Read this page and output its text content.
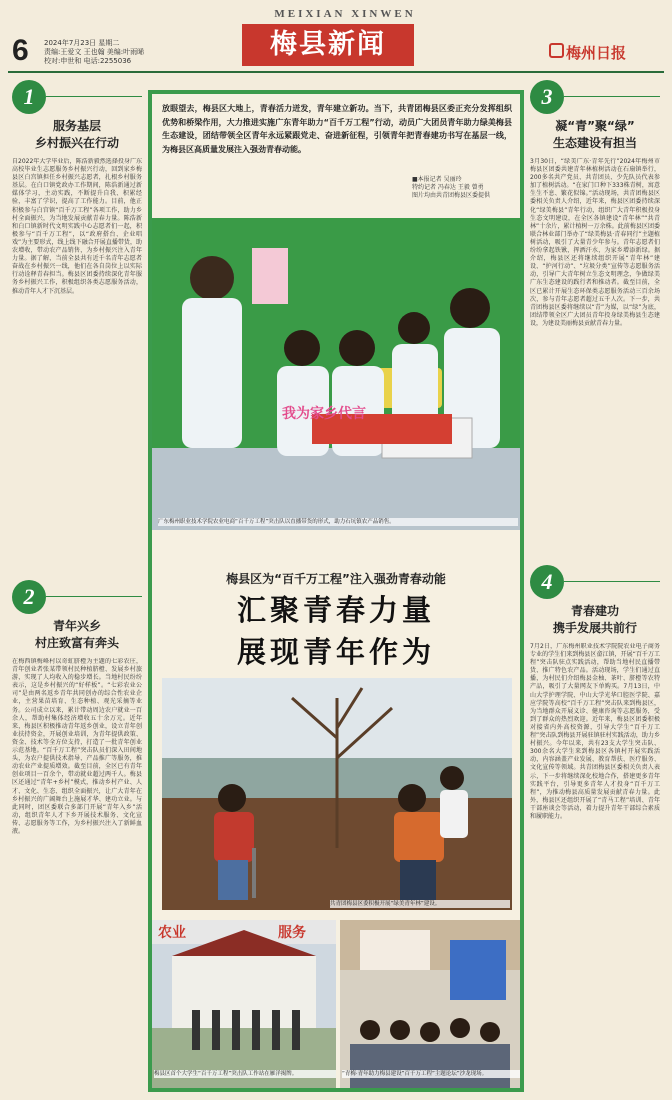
MEIXIAN XINWEN
6 2024年7月23日 星期二
责编:王爱文 王也翰 美编:叶雨晞
校对:申世和 电话:2255036
梅县新闻	梅州日报
1
服务基层
乡村振兴在行动
自2022年大学毕业后，陈浩新毅然选择投身广东高校毕业生志愿服务乡村振兴行动，回到家乡梅县区白宫镇担任乡村振兴志愿者，扎根乡村服务基层。在白口镇党政办工作期间，陈浩新通过新媒体学习，主动实践，不断提升自我、积累经验，丰富了学识，提高了工作能力。目前，他正积极参与白宫镇“百千万工程”各项工作，助力乡村全面振兴，为当地发展贡献青春力量。陈浩新和白口镇新时代文明实践中心志愿者们一起，积极参与“百千万工程”，以“政府搭台、企业唱戏”为主要形式，线上线下融合开展直播带货，助农增收，带动农产品销售，为乡村振兴注入青年力量。据了解，当前全县共有近千名青年志愿者奋战在乡村振兴一线，他们在各自岗位上以实际行动诠释青春担当。梅县区团委持续深化青年服务乡村振兴工作，积极组织各类志愿服务活动，推动青年人才下沉基层。
2
青年兴乡
村庄致富有奔头
在梅西镇梅峰村以奇虹脐橙为主题的七彩农庄，青年创业者张某带领村民种植脐橙、发展乡村旅游，实现了人均收入的稳步增长。当地村民纷纷表示，这是乡村振兴的“好样板”。“七彩农业公司”是由两名返乡青年共同创办的综合性农业企业，主营果苗培育、生态种植、观光采摘等业务。公司成立以来，累计带动周边农户就业一百余人，帮助村集体经济增收五十余万元。近年来，梅县区积极推动青年返乡创业，设立青年创业扶持资金，开展创业培训，为青年提供政策、资金、技术等全方位支持，打造了一批青年创业示范基地。“百千万工程”突击队员们深入田间地头，为农户提供技术指导、产品推广等服务，推动农业产业提质增效。截至目前，全区已有青年创业项目一百余个，带动就业超过两千人。梅县区还通过“青年+乡村”模式，推动乡村产业、人才、文化、生态、组织全面振兴，让广大青年在乡村振兴的广阔舞台上施展才华、建功立业。与此同时，团区委联合多部门开展“青年入乡”活动，组织青年人才下乡开展技术服务、文化宣传、志愿服务等工作，为乡村振兴注入了新鲜血液。
放眼望去，梅县区大地上，青春活力迸发，青年建立新功。当下，共青团梅县区委正充分发挥组织优势和桥梁作用，大力推进实施广东青年助力“百千万工程”行动，动员广大团员青年助力绿美梅县生态建设，团结带领全区青年永远紧跟党走、奋进新征程，引领青年把青春建功书写在基层一线，为梅县区高质量发展注入强劲青春动能。
■本报记者 吴丽玲
特约记者 冯春达 王毅 曾勇
图片均由共青团梅县区委提供
我为家乡代言
广东梅州职业技术学院农业电商“百千万工程”突击队以直播带货的形式，助力石坑镇农产品销售。
梅县区为“百千万工程”注入强劲青春动能
汇聚青春力量
展现青年作为
共青团梅县区委积极开展“绿美青年林”建设。
农业	服务
梅县区首个大学生“百千万工程”突击队工作站在雁洋揭牌。	“青梅·青年助力梅县建设”百千万工程”主题论坛”沙龙现场。
3
凝“青”聚“绿”
生态建设有担当
3月30日，“绿美广东·青年先行”2024年梅州市梅县区团委共建青年林植树活动在石扇镇举行，200多名共产党员、共青团员、少先队员代表参加了植树活动。“在家门口种下333株青树，寓意生生不息、繁花似锦。”活动现场，共青团梅县区委相关负责人介绍，近年来，梅县区团委持续深化“绿美梅县”青年行动，组织广大青年积极投身生态文明建设，在全区各镇建设“青年林”“共青林”十余片，累计植树一万余株。此前梅县区团委联合林业部门举办了“绿美梅县·青春同行”主题植树活动，吸引了大量青少年参与。青年志愿者们纷纷拿起铁锹，挥洒汗水，为家乡增添新绿。据介绍，梅县区还将继续组织开展“青年林”建设、“护河行动”、“垃圾分类”宣传等志愿服务活动，引导广大青年树立生态文明理念，争做绿美广东生态建设的践行者和推动者。截至目前，全区已累计开展生态环保类志愿服务活动三百余场次，参与青年志愿者超过五千人次。下一步，共青团梅县区委将继续以“青”为媒，以“绿”为底，团结带领全区广大团员青年投身绿美梅县生态建设，为建设美丽梅县贡献青春力量。
4
青春建功
携手发展共前行
7月2日，广东梅州职业技术学院院农业电子商务专业的学生们来到梅县区畲江镇，开展“百千万工程”突击队驻点实践活动，帮助当地村民直播带货、推广特色农产品。活动现场，学生们通过直播，为村民们介绍梅县金柚、茶叶、脐橙等农特产品，吸引了大量网友下单购买。7月13日，中山大学护理学院、中山大学光华口腔医学院、嘉应学院等高校“百千万工程”突击队来到梅县区，为当地群众开展义诊、健康咨询等志愿服务，受到了群众的热烈欢迎。近年来，梅县区团委积极对接省内外高校资源，引导大学生“百千万工程”突击队到梅县开展驻镇驻村实践活动，助力乡村振兴。今年以来，共有23支大学生突击队、300余名大学生来到梅县区各镇村开展实践活动，内容涵盖产业发展、教育帮扶、医疗服务、文化宣传等领域。共青团梅县区委相关负责人表示，下一步将继续深化校地合作，搭建更多青年实践平台，引导更多青年人才投身“百千万工程”，为推动梅县高质量发展贡献青春力量。此外，梅县区还组织开展了“青马工程”培训、青年干部座谈会等活动，着力提升青年干部综合素质和履职能力。
